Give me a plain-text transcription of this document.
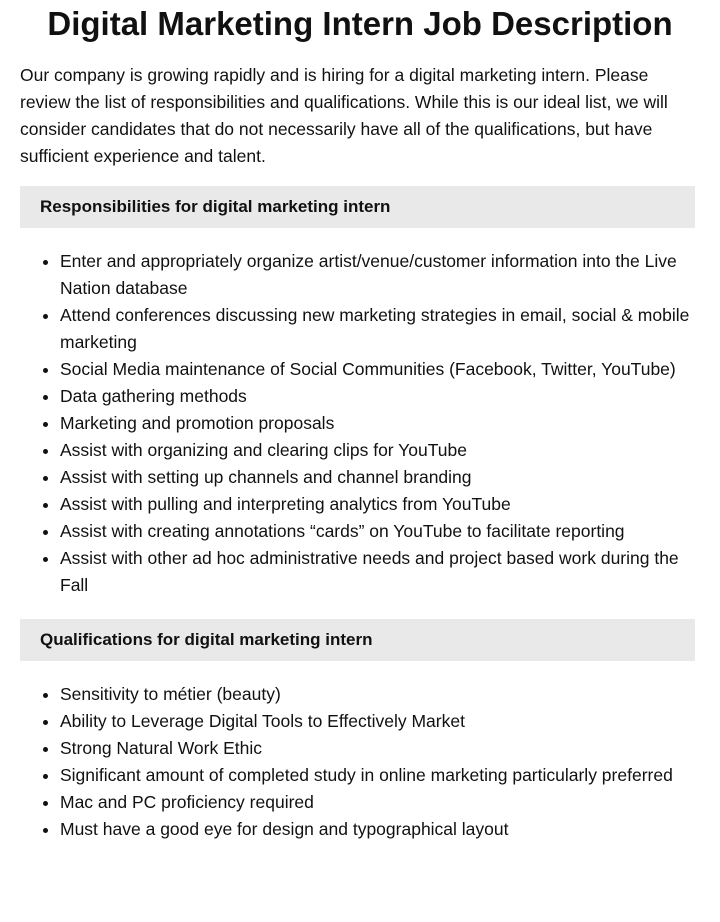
Digital Marketing Intern Job Description

Our company is growing rapidly and is hiring for a digital marketing intern. Please review the list of responsibilities and qualifications. While this is our ideal list, we will consider candidates that do not necessarily have all of the qualifications, but have sufficient experience and talent.

Responsibilities for digital marketing intern
• Enter and appropriately organize artist/venue/customer information into the Live Nation database
• Attend conferences discussing new marketing strategies in email, social & mobile marketing
• Social Media maintenance of Social Communities (Facebook, Twitter, YouTube)
• Data gathering methods
• Marketing and promotion proposals
• Assist with organizing and clearing clips for YouTube
• Assist with setting up channels and channel branding
• Assist with pulling and interpreting analytics from YouTube
• Assist with creating annotations “cards” on YouTube to facilitate reporting
• Assist with other ad hoc administrative needs and project based work during the Fall
Qualifications for digital marketing intern
• Sensitivity to métier (beauty)
• Ability to Leverage Digital Tools to Effectively Market
• Strong Natural Work Ethic
• Significant amount of completed study in online marketing particularly preferred
• Mac and PC proficiency required
• Must have a good eye for design and typographical layout
